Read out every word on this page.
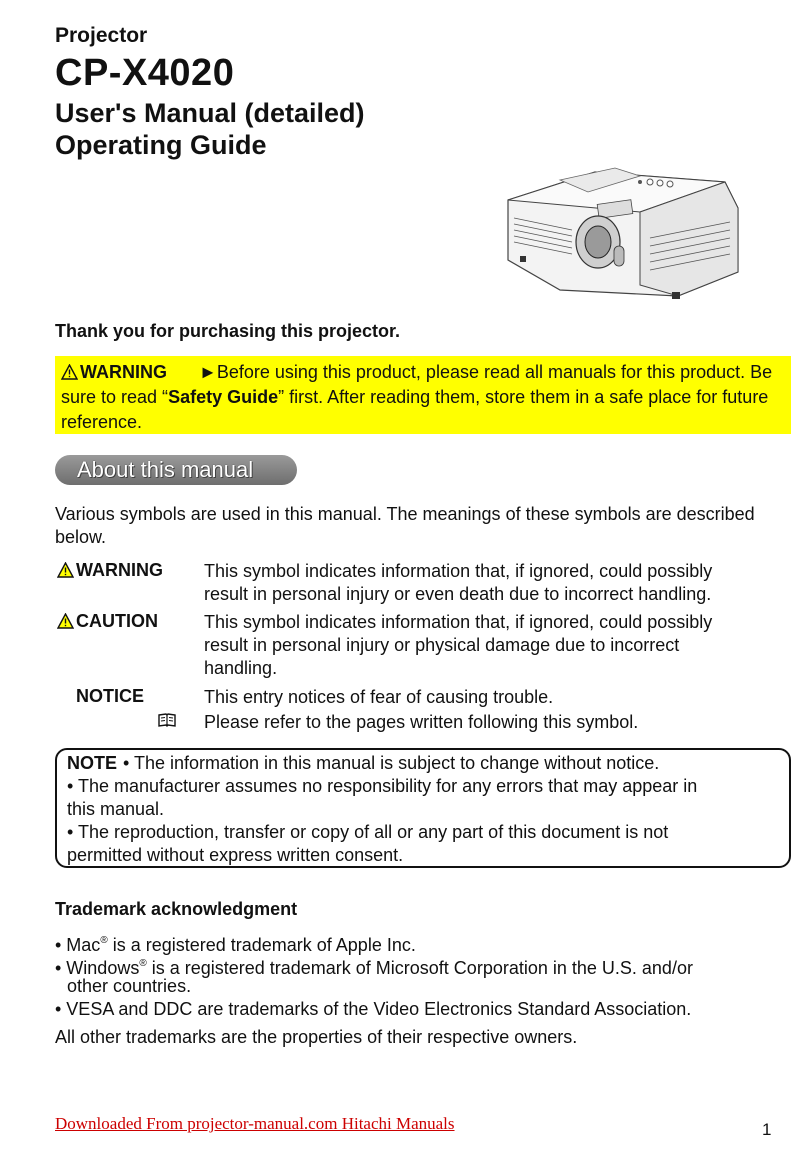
Projector
CP-X4020
User's Manual (detailed)
Operating Guide
Thank you for purchasing this projector.
WARNING ►Before using this product, please read all manuals for this product. Be sure to read “Safety Guide” first. After reading them, store them in a safe place for future reference.
About this manual
Various symbols are used in this manual. The meanings of these symbols are described below.
WARNING This symbol indicates information that, if ignored, could possibly
result in personal injury or even death due to incorrect handling.
CAUTION	This symbol indicates information that, if ignored, could possibly
result in personal injury or physical damage due to incorrect
handling.
NOTICE	This entry notices of fear of causing trouble.
Please refer to the pages written following this symbol.
NOTE • The information in this manual is subject to change without notice.
• The manufacturer assumes no responsibility for any errors that may appear in
this manual.
• The reproduction, transfer or copy of all or any part of this document is not
permitted without express written consent.
Trademark acknowledgment
• Mac® is a registered trademark of Apple Inc.
• Windows® is a registered trademark of Microsoft Corporation in the U.S. and/or
other countries.
• VESA and DDC are trademarks of the Video Electronics Standard Association.
All other trademarks are the properties of their respective owners.
Downloaded From projector-manual.com Hitachi Manuals	1
